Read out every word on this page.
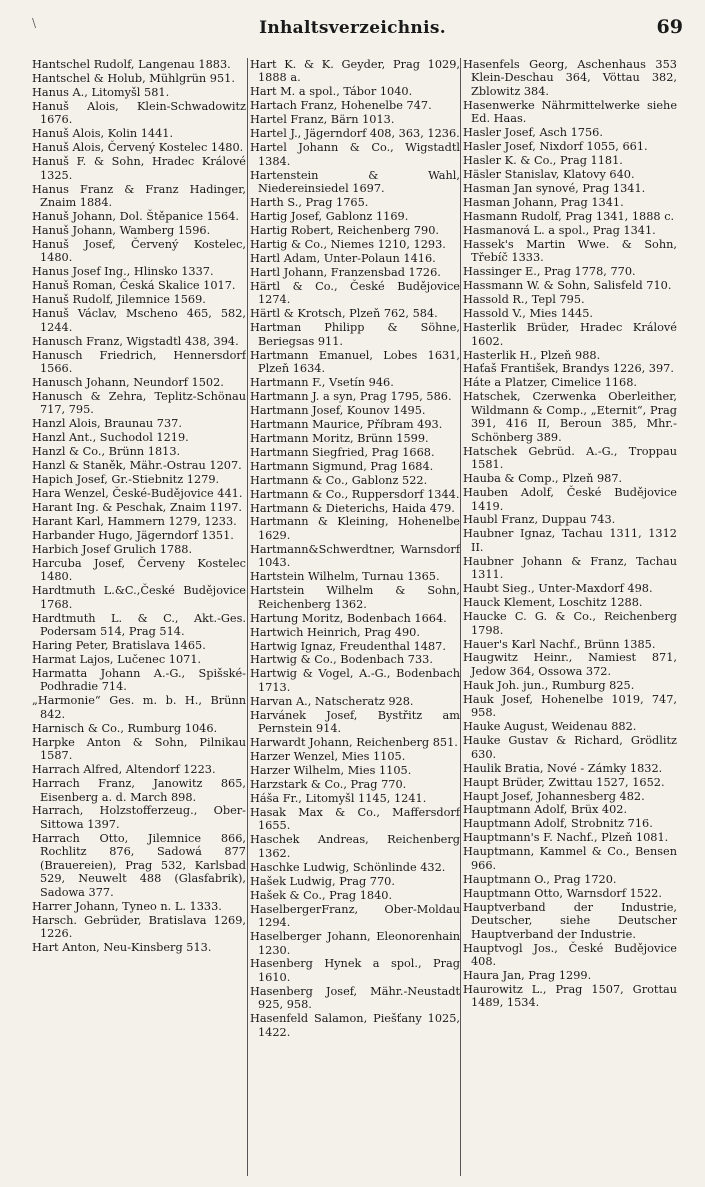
\	Inhaltsverzeichnis.	69
Hantschel Rudolf, Langenau 1883.
Hantschel & Holub, Mühlgrün 951.
Hanus A., Litomyšl 581.
Hanuš Alois, Klein-Schwadowitz 1676.
Hanuš Alois, Kolin 1441.
Hanuš Alois, Červený Kostelec 1480.
Hanuš F. & Sohn, Hradec Králové 1325.
Hanus Franz & Franz Hadinger, Znaim 1884.
Hanuš Johann, Dol. Štěpanice 1564.
Hanuš Johann, Wamberg 1596.
Hanuš Josef, Červený Kostelec, 1480.
Hanus Josef Ing., Hlinsko 1337.
Hanuš Roman, Česká Skalice 1017.
Hanuš Rudolf, Jilemnice 1569.
Hanuš Václav, Mscheno 465, 582, 1244.
Hanusch Franz, Wigstadtl 438, 394.
Hanusch Friedrich, Hennersdorf 1566.
Hanusch Johann, Neundorf 1502.
Hanusch & Zehra, Teplitz-Schönau 717, 795.
Hanzl Alois, Braunau 737.
Hanzl Ant., Suchodol 1219.
Hanzl & Co., Brünn 1813.
Hanzl & Staněk, Mähr.-Ostrau 1207.
Hapich Josef, Gr.-Stiebnitz 1279.
Hara Wenzel, České-Budějovice 441.
Harant Ing. & Peschak, Znaim 1197.
Harant Karl, Hammern 1279, 1233.
Harbander Hugo, Jägerndorf 1351.
Harbich Josef Grulich 1788.
Harcuba Josef, Červeny Kostelec 1480.
Hardtmuth L.&C.,České Budějovice 1768.
Hardtmuth L. & C., Akt.-Ges. Podersam 514, Prag 514.
Haring Peter, Bratislava 1465.
Harmat Lajos, Lučenec 1071.
Harmatta Johann A.-G., Spišské-Podhradie 714.
„Harmonie“ Ges. m. b. H., Brünn 842.
Harnisch & Co., Rumburg 1046.
Harpke Anton & Sohn, Pilnikau 1587.
Harrach Alfred, Altendorf 1223.
Harrach Franz, Janowitz 865, Eisenberg a. d. March 898.
Harrach, Holzstofferzeug., Ober-Sittowa 1397.
Harrach Otto, Jilemnice 866, Rochlitz 876, Sadowá 877 (Brauereien), Prag 532, Karlsbad 529, Neuwelt 488 (Glasfabrik), Sadowa 377.
Harrer Johann, Tyneo n. L. 1333.
Harsch. Gebrüder, Bratislava 1269, 1226.
Hart Anton, Neu-Kinsberg 513.
Hart K. & K. Geyder, Prag 1029, 1888 a.
Hart M. a spol., Tábor 1040.
Hartach Franz, Hohenelbe 747.
Hartel Franz, Bärn 1013.
Hartel J., Jägerndorf 408, 363, 1236.
Hartel Johann & Co., Wigstadtl 1384.
Hartenstein & Wahl, Niedereinsiedel 1697.
Harth S., Prag 1765.
Hartig Josef, Gablonz 1169.
Hartig Robert, Reichenberg 790.
Hartig & Co., Niemes 1210, 1293.
Hartl Adam, Unter-Polaun 1416.
Hartl Johann, Franzensbad 1726.
Härtl & Co., České Budějovice 1274.
Härtl & Krotsch, Plzeň 762, 584.
Hartman Philipp & Söhne, Beriegsas 911.
Hartmann Emanuel, Lobes 1631, Plzeň 1634.
Hartmann F., Vsetín 946.
Hartmann J. a syn, Prag 1795, 586.
Hartmann Josef, Kounov 1495.
Hartmann Maurice, Příbram 493.
Hartmann Moritz, Brünn 1599.
Hartmann Siegfried, Prag 1668.
Hartmann Sigmund, Prag 1684.
Hartmann & Co., Gablonz 522.
Hartmann & Co., Ruppersdorf 1344.
Hartmann & Dieterichs, Haida 479.
Hartmann & Kleining, Hohenelbe 1629.
Hartmann&Schwerdtner, Warnsdorf 1043.
Hartstein Wilhelm, Turnau 1365.
Hartstein Wilhelm & Sohn, Reichenberg 1362.
Hartung Moritz, Bodenbach 1664.
Hartwich Heinrich, Prag 490.
Hartwig Ignaz, Freudenthal 1487.
Hartwig & Co., Bodenbach 733.
Hartwig & Vogel, A.-G., Bodenbach 1713.
Harvan A., Natscheratz 928.
Harvánek Josef, Bystřitz am Pernstein 914.
Harwardt Johann, Reichenberg 851.
Harzer Wenzel, Mies 1105.
Harzer Wilhelm, Mies 1105.
Harzstark & Co., Prag 770.
Háša Fr., Litomyšl 1145, 1241.
Hasak Max & Co., Maffersdorf 1655.
Haschek Andreas, Reichenberg 1362.
Haschke Ludwig, Schönlinde 432.
Hašek Ludwig, Prag 770.
Hašek & Co., Prag 1840.
HaselbergerFranz, Ober-Moldau 1294.
Haselberger Johann, Eleonorenhain 1230.
Hasenberg Hynek a spol., Prag 1610.
Hasenberg Josef, Mähr.-Neustadt 925, 958.
Hasenfeld Salamon, Piešťany 1025, 1422.
Hasenfels Georg, Aschenhaus 353 Klein-Deschau 364, Vöttau 382, Zblowitz 384.
Hasenwerke Nährmittelwerke siehe Ed. Haas.
Hasler Josef, Asch 1756.
Hasler Josef, Nixdorf 1055, 661.
Hasler K. & Co., Prag 1181.
Häsler Stanislav, Klatovy 640.
Hasman Jan synové, Prag 1341.
Hasman Johann, Prag 1341.
Hasmann Rudolf, Prag 1341, 1888 c.
Hasmanová L. a spol., Prag 1341.
Hassek's Martin Wwe. & Sohn, Třebíč 1333.
Hassinger E., Prag 1778, 770.
Hassmann W. & Sohn, Salisfeld 710.
Hassold R., Tepl 795.
Hassold V., Mies 1445.
Hasterlik Brüder, Hradec Králové 1602.
Hasterlik H., Plzeň 988.
Haťaš František, Brandys 1226, 397.
Háte a Platzer, Cimelice 1168.
Hatschek, Czerwenka Oberleither, Wildmann & Comp., „Eternit“, Prag 391, 416 II, Beroun 385, Mhr.-Schönberg 389.
Hatschek Gebrüd. A.-G., Troppau 1581.
Hauba & Comp., Plzeň 987.
Hauben Adolf, České Budějovice 1419.
Haubl Franz, Duppau 743.
Haubner Ignaz, Tachau 1311, 1312 II.
Haubner Johann & Franz, Tachau 1311.
Haubt Sieg., Unter-Maxdorf 498.
Hauck Klement, Loschitz 1288.
Haucke C. G. & Co., Reichenberg 1798.
Hauer's Karl Nachf., Brünn 1385.
Haugwitz Heinr., Namiest 871, Jedow 364, Ossowa 372.
Hauk Joh. jun., Rumburg 825.
Hauk Josef, Hohenelbe 1019, 747, 958.
Hauke August, Weidenau 882.
Hauke Gustav & Richard, Grödlitz 630.
Haulik Bratia, Nové - Zámky 1832.
Haupt Brüder, Zwittau 1527, 1652.
Haupt Josef, Johannesberg 482.
Hauptmann Adolf, Brüx 402.
Hauptmann Adolf, Strobnitz 716.
Hauptmann's F. Nachf., Plzeň 1081.
Hauptmann, Kammel & Co., Bensen 966.
Hauptmann O., Prag 1720.
Hauptmann Otto, Warnsdorf 1522.
Hauptverband der Industrie, Deutscher, siehe Deutscher Hauptverband der Industrie.
Hauptvogl Jos., České Budějovice 408.
Haura Jan, Prag 1299.
Haurowitz L., Prag 1507, Grottau 1489, 1534.
